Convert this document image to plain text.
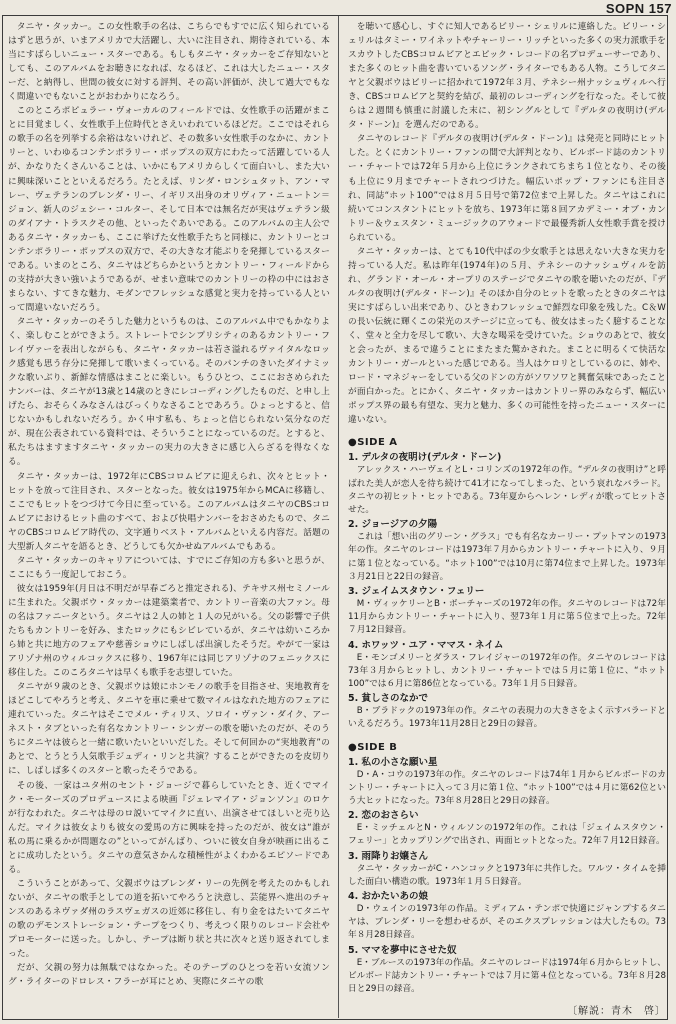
SOPN 157

タニヤ・タッカー。この女性歌手の名は、こちらでもすでに広く知られているはずと思うが、いまアメリカで大活躍し、大いに注目され、期待されている、本当にすばらしいニュー・スターである。もしもタニヤ・タッカーをご存知ないとしても、このアルバムをお聴きになれば、なるほど、これは大したニュー・スターだ、と納得し、世間の彼女に対する評判、その高い評価が、決して過大でもなく間違いでもないことがおわかりになろう。

このところポピュラー・ヴォーカルのフィールドでは、女性歌手の活躍がまことに目覚ましく、女性歌手上位時代とさえいわれているほどだ。ここではそれらの歌手の名を列挙する余裕はないけれど、その数多い女性歌手のなかに、カントリーと、いわゆるコンテンポラリー・ポップスの双方にわたって活躍している人が、かなりたくさんいることは、いかにもアメリカらしくて面白いし、また大いに興味深いことといえるだろう。たとえば、リンダ・ロンシュタット、アン・マレー、ヴェテランのブレンダ・リー、イギリス出身のオリヴィア・ニュートン＝ジョン、新人のジェシー・コルター、そして日本では無名だが実はヴェテラン級のダイアナ・トラスクその他、といったぐあいである。このアルバムの主人公であるタニヤ・タッカーも、ここに挙げた女性歌手たちと同様に、カントリーとコンテンポラリー・ポップスの双方で、その大きな才能ぶりを発揮しているスターである。いまのところ、タニヤはどちらかというとカントリー・フィールドからの支持が大きい強いようであるが、せまい意味でのカントリーの枠の中にはおさまらない、すてきな魅力、モダンでフレッシュな感覚と実力を持っている人といって間違いないだろう。

タニヤ・タッカーのそうした魅力というものは、このアルバム中でもかなりよく、楽しむことができよう。ストレートでシンプリシティのあるカントリー・フレイヴァーを表出しながらも、タニヤ・タッカーは若さ溢れるヴァイタルなロック感覚も思う存分に発揮して歌いまくっている。そのパンチのきいたダイナミックな歌いぶり、新鮮な情感はまことに楽しい。もうひとつ、ここにおさめられたナンバーは、タニヤが13歳と14歳のときにレコーディングしたものだ、と申し上げたら、おそらくみなさんはびっくりなさることであろう。ひょっとすると、信じないかもしれないだろう。かく申す私も、ちょっと信じられない気分なのだが、現在公表されている資料では、そういうことになっているのだ。とすると、私たちはますますタニヤ・タッカーの実力の大きさに感じ入らざるを得なくなる。

タニヤ・タッカーは、1972年にCBSコロムビアに迎えられ、次々とヒット・ヒットを放って注目され、スターとなった。彼女は1975年からMCAに移籍し、ここでもヒットをつづけて今日に至っている。このアルバムはタニヤのCBSコロムビアにおけるヒット曲のすべて、および快唱ナンバーをおさめたもので、タニヤのCBSコロムビア時代の、文字通りベスト・アルバムといえる内容だ。話題の大型新人タニヤを語るとき、どうしても欠かせぬアルバムでもある。

タニヤ・タッカーのキャリアについては、すでにご存知の方も多いと思うが、ここにもう一度記しておこう。

彼女は1959年(月日は不明だが早春ごろと推定される)、テキサス州セミノールに生まれた。父親ボウ・タッカーは建築業者で、カントリー音楽の大ファン。母の名はファニータという。タニヤは２人の姉と１人の兄がいる。父の影響で子供たちもカントリーを好み、またロックにもシビレているが、タニヤは幼いころから姉と共に地方のフェアや慈善ショウにしばしば出演したそうだ。やがて一家はアリゾナ州のウィルコックスに移り、1967年には同じアリゾナのフェニックスに移住した。このころタニヤは早くも歌手を志望していた。

タニヤが９歳のとき、父親ボウは娘にホンモノの歌手を目指させ、実地教育をほどこしてやろうと考え、タニヤを車に乗せて数マイルはなれた地方のフェアに連れていった。タニヤはそこでメル・ティリス、ソロイ・ヴァン・ダイク、アーネスト・タブといった有名なカントリー・シンガーの歌を聴いたのだが、そのうちにタニヤは彼らと一緒に歌いたいといいだした。そして何回かの“実地教育”のあとで、とうとう人気歌手ジュディ・リンと共演？することができたのを皮切りに、しばしば多くのスターと歌ったそうである。

その後、一家はユタ州のセント・ジョージで暮らしていたとき、近くでマイク・モーターズのプロデュースによる映画『ジェレマイア・ジョンソン』のロケが行なわれた。タニヤは母のロ説いてマイクに直い、出演させてほしいと売り込んだ。マイクは彼女よりも彼女の愛馬の方に興味を持ったのだが、彼女は“誰が私の馬に乗るかが問題なの”といってがんばり、ついに彼女自身が映画に出ることに成功したという。タニヤの意気さかんな積極性がよくわかるエピソードである。

こういうことがあって、父親ボウはブレンダ・リーの先例を考えたのかもしれないが、タニヤの歌手としての道を拓いてやろうと決意し、芸能界へ進出のチャンスのあるネヴァダ州のラスヴェガスの近郊に移住し、有り金をはたいてタニヤの歌のデモンストレーション・テープをつくり、考えつく限りのレコード会社やプロモーターに送った。しかし、テープは断り状と共に次々と送り返されてしまった。

だが、父親の努力は無駄ではなかった。そのテープのひとつを若い女流ソング・ライターのドロレス・フラーが耳にとめ、実際にタニヤの歌

を聴いて感心し、すぐに知人であるビリー・シェリルに連絡した。ビリー・シェリルはタミー・ワイネットやチャーリー・リッチといった多くの実力派歌手をスカウトしたCBSコロムビアとエピック・レコードの名プロデューサーであり、また多くのヒット曲を書いているソング・ライターでもある人物。こうしてタニヤと父親ボウはビリーに招かれて1972年３月、テネシー州ナッシュヴィルへ行き、CBSコロムビアと契約を結び、最初のレコーディングを行なった。そして彼らは２週間も慎重に討議した末に、初シングルとして『デルタの夜明け(デルタ・ドーン)』を選んだのである。

タニヤのレコード『デルタの夜明け(デルタ・ドーン)』は発売と同時にヒットした。とくにカントリー・ファンの間で大評判となり、ビルボード誌のカントリー・チャートでは72年５月から上位にランクされてちまち１位となり、その後も上位に９月までチャートされつづけた。幅広いポップ・ファンにも注目され、同誌“ホット100”では８月５日号で第72位まで上昇した。タニヤはこれに続いてコンスタントにヒットを放ち、1973年に第８回アカデミー・オブ・カントリー＆ウェスタン・ミュージックのアウォードで最優秀新人女性歌手賞を授けられている。

タニヤ・タッカーは、とても10代中ばの少女歌手とは思えない大きな実力を持っている人だ。私は昨年(1974年)の５月、テネシーのナッシュヴィルを訪れ、グランド・オール・オープリのステージでタニヤの歌を聴いたのだが、『デルタの夜明け(デルタ・ドーン)』そのほか自分のヒットを歌ったときのタニヤは実にすばらしい出来であり、ひときわフレッシュで鮮烈な印象を残した。C＆Wの長い伝統に輝くこの栄光のステージに立っても、彼女はまったく臆することなく、堂々と全力を尽して歌い、大きな喝采を受けていた。ショウのあとで、彼女と会ったが、まるで違うことにまたまた驚かされた。まことに明るくて快活なカントリー・ガールといった感じである。当人はケロリとしているのに、姉や、ロード・マネジャーをしている父のドンの方がソワソワと興奮気味であったことが面白かった。とにかく、タニヤ・タッカーはカントリー界のみならず、幅広いポップス界の最も有望な、実力と魅力、多くの可能性を持ったニュー・スターに違いない。

●SIDE A
1. デルタの夜明け(デルタ・ドーン)
アレックス・ハーヴェイとL・コリンズの1972年の作。“デルタの夜明け”と呼ばれた美人が恋人を待ち続けて41才になってしまった、という哀れなバラード。タニヤの初ヒット・ヒットである。73年夏からヘレン・レディが歌ってヒットさせた。
2. ジョージアの夕陽
これは「想い出のグリーン・グラス」でも有名なカーリー・プットマンの1973年の作。タニヤのレコードは1973年７月からカントリー・チャートに入り、９月に第１位となっている。“ホット100”では10月に第74位まで上昇した。1973年３月21日と22日の録音。
3. ジェイムスタウン・フェリー
M・ヴィッケリーとB・ボーチャーズの1972年の作。タニヤのレコードは72年11月からカントリー・チャートに入り、翌73年１月に第５位まで上った。72年７月12日録音。
4. ホワッツ・ユア・ママス・ネイム
E・モンゴメリーとダラス・フレイジャーの1972年の作。タニヤのレコードは73年３月からヒットし、カントリー・チャートでは５月に第１位に、“ホット100”では６月に第86位となっている。73年１月５日録音。
5. 貧しさのなかで
B・ブラドックの1973年の作。タニヤの表現力の大きさをよく示すバラードといえるだろう。1973年11月28日と29日の録音。
●SIDE B
1. 私の小さな願い星
D・A・コウの1973年の作。タニヤのレコードは74年１月からビルボードのカントリー・チャートに入って３月に第１位、“ホット100”では４月に第62位という大ヒットになった。73年８月28日と29日の録音。
2. 恋のおさらい
E・ミッチェルとN・ウィルソンの1972年の作。これは「ジェイムスタウン・フェリー」とカップリングで出され、両面ヒットとなった。72年７月12日録音。
3. 雨降りお嬢さん
タニヤ・タッカーがC・ハンコックと1973年に共作した。ワルツ・タイムを挿した面白い構造の歌。1973年１月５日録音。
4. おかたいあの娘
D・ウェインの1973年の作品。ミディアム・テンポで快適にジャンプするタニヤは、ブレンダ・リーを想わせるが、そのエクスプレッションは大したもの。73年８月28日録音。
5. ママを夢中にさせた奴
E・ブルースの1973年の作品。タニヤのレコードは1974年６月からヒットし、ビルボード誌カントリー・チャートでは７月に第４位となっている。73年８月28日と29日の録音。
〔解説：青木　啓〕
